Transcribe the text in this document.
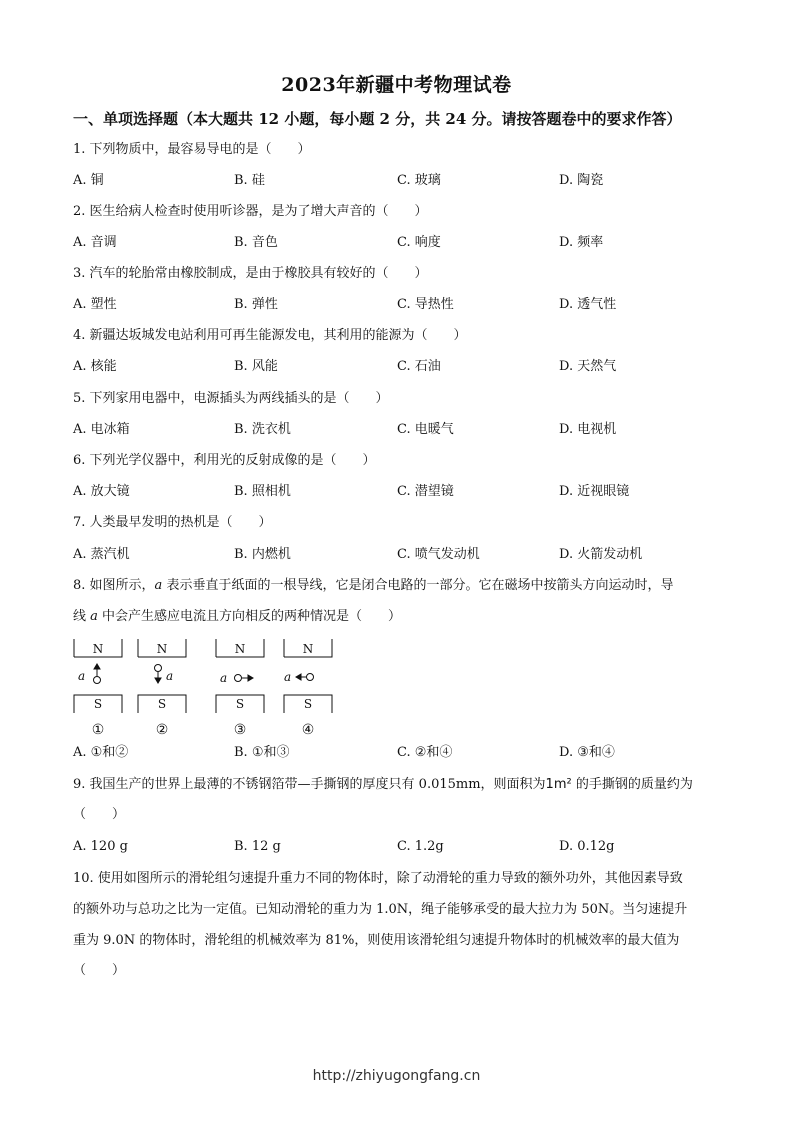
2023年新疆中考物理试卷
一、单项选择题（本大题共 12 小题，每小题 2 分，共 24 分。请按答题卷中的要求作答）
1. 下列物质中，最容易导电的是（　　）
A. 铜	B. 硅	C. 玻璃	D. 陶瓷
2. 医生给病人检查时使用听诊器，是为了增大声音的（　　）
A. 音调	B. 音色	C. 响度	D. 频率
3. 汽车的轮胎常由橡胶制成，是由于橡胶具有较好的（　　）
A. 塑性	B. 弹性	C. 导热性	D. 透气性
4. 新疆达坂城发电站利用可再生能源发电，其利用的能源为（　　）
A. 核能	B. 风能	C. 石油	D. 天然气
5. 下列家用电器中，电源插头为两线插头的是（　　）
A. 电冰箱	B. 洗衣机	C. 电暖气	D. 电视机
6. 下列光学仪器中，利用光的反射成像的是（　　）
A. 放大镜	B. 照相机	C. 潜望镜	D. 近视眼镜
7. 人类最早发明的热机是（　　）
A. 蒸汽机	B. 内燃机	C. 喷气发动机	D. 火箭发动机
8. 如图所示，a 表示垂直于纸面的一根导线，它是闭合电路的一部分。它在磁场中按箭头方向运动时，导
线 a 中会产生感应电流且方向相反的两种情况是（　　）
N
S
a
①
N
S
a
②
N
S
a
③
N
S
a
④
A. ①和②	B. ①和③	C. ②和④	D. ③和④
9. 我国生产的世界上最薄的不锈钢箔带—手撕钢的厚度只有 0.015mm，则面积为1m² 的手撕钢的质量约为
（　　）
A. 120 g	B. 12 g	C. 1.2g	D. 0.12g
10. 使用如图所示的滑轮组匀速提升重力不同的物体时，除了动滑轮的重力导致的额外功外，其他因素导致
的额外功与总功之比为一定值。已知动滑轮的重力为 1.0N，绳子能够承受的最大拉力为 50N。当匀速提升
重为 9.0N 的物体时，滑轮组的机械效率为 81%，则使用该滑轮组匀速提升物体时的机械效率的最大值为
（　　）
http://zhiyugongfang.cn
